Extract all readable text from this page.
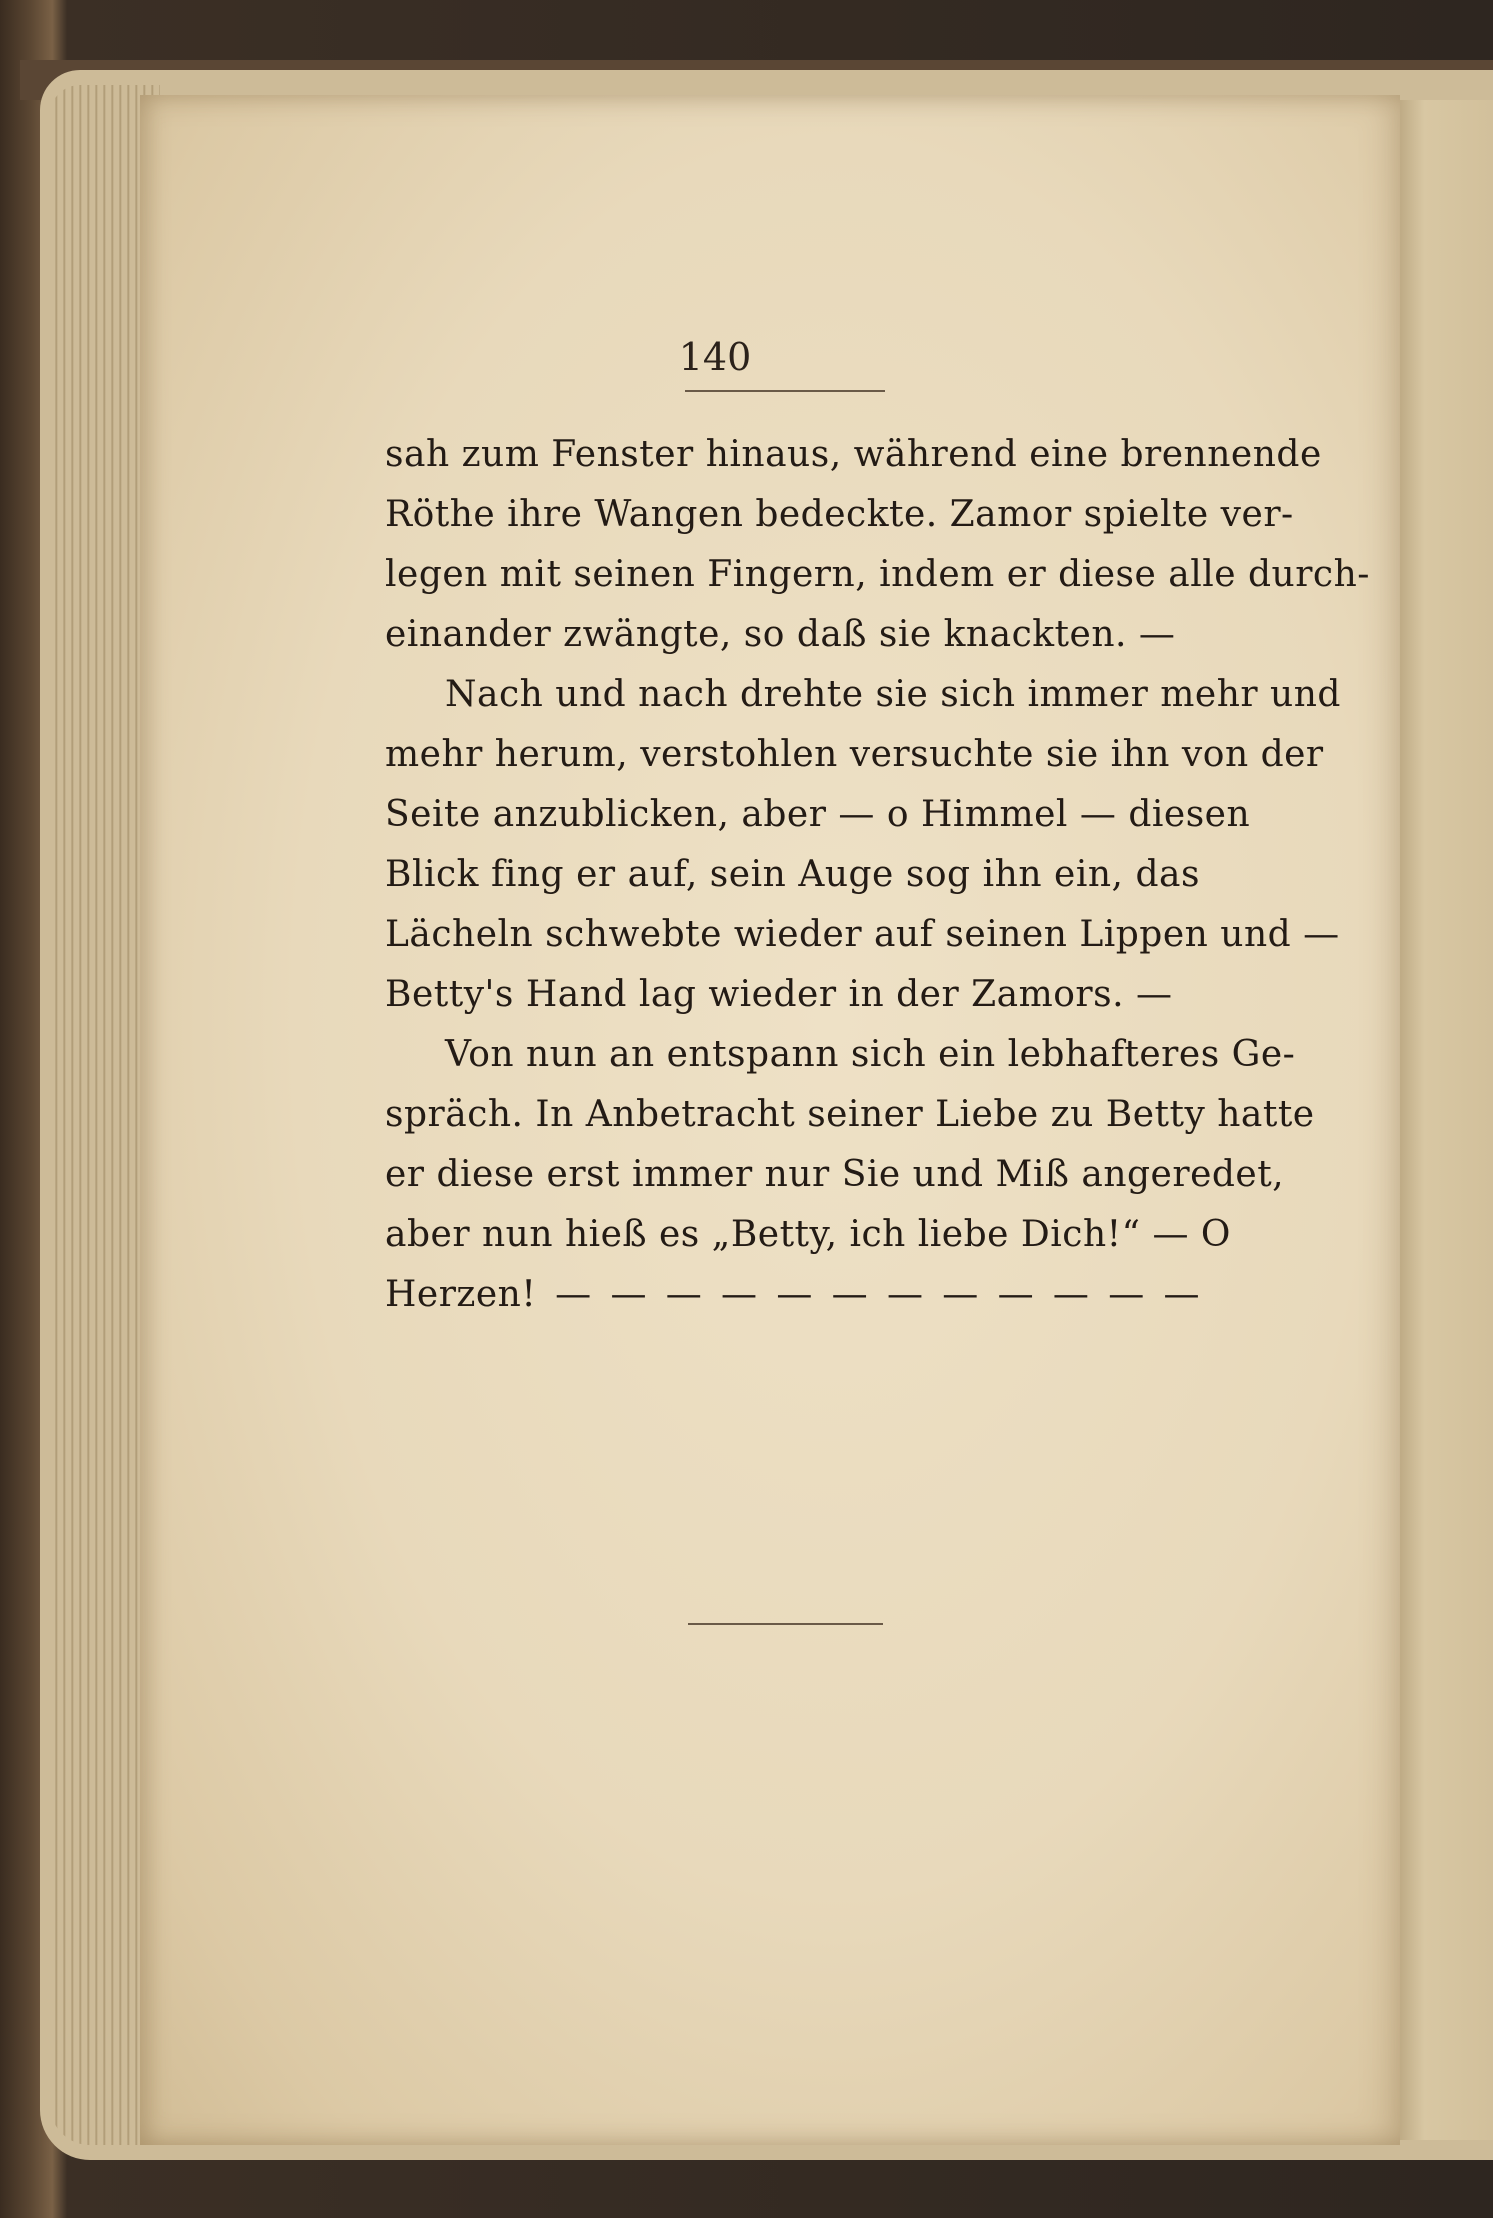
140
sah zum Fenster hinaus, während eine brennende
Röthe ihre Wangen bedeckte. Zamor spielte ver-
legen mit seinen Fingern, indem er diese alle durch-
einander zwängte, so daß sie knackten. —
Nach und nach drehte sie sich immer mehr und
mehr herum, verstohlen versuchte sie ihn von der
Seite anzublicken, aber — o Himmel — diesen
Blick fing er auf, sein Auge sog ihn ein, das
Lächeln schwebte wieder auf seinen Lippen und —
Betty's Hand lag wieder in der Zamors. —
Von nun an entspann sich ein lebhafteres Ge-
spräch. In Anbetracht seiner Liebe zu Betty hatte
er diese erst immer nur Sie und Miß angeredet,
aber nun hieß es „Betty, ich liebe Dich!“ — O
Herzen! — — — — — — — — — — — —
